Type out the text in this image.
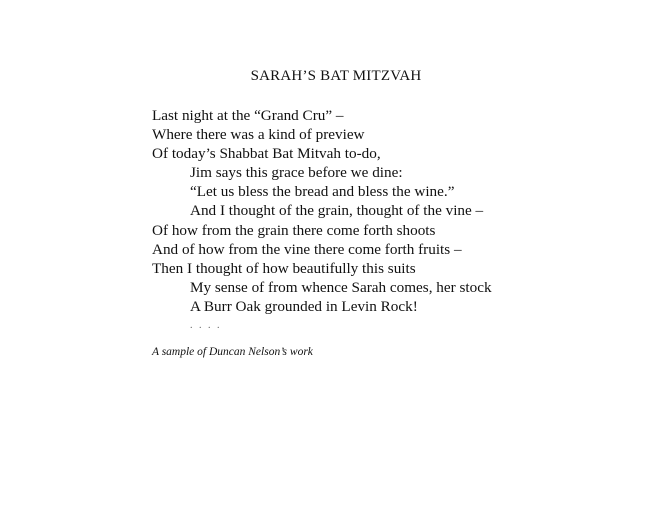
SARAH’S BAT MITZVAH
Last night at the “Grand Cru” –
Where there was a kind of preview
Of today’s Shabbat Bat Mitvah to-do,
Jim says this grace before we dine:
“Let us bless the bread and bless the wine.”
And I thought of the grain, thought of the vine –
Of how from the grain there come forth shoots
And of how from the vine there come forth fruits –
Then I thought of how beautifully this suits
My sense of from whence Sarah comes, her stock
A Burr Oak grounded in Levin Rock!
. . . .
A sample of Duncan Nelson’s work
